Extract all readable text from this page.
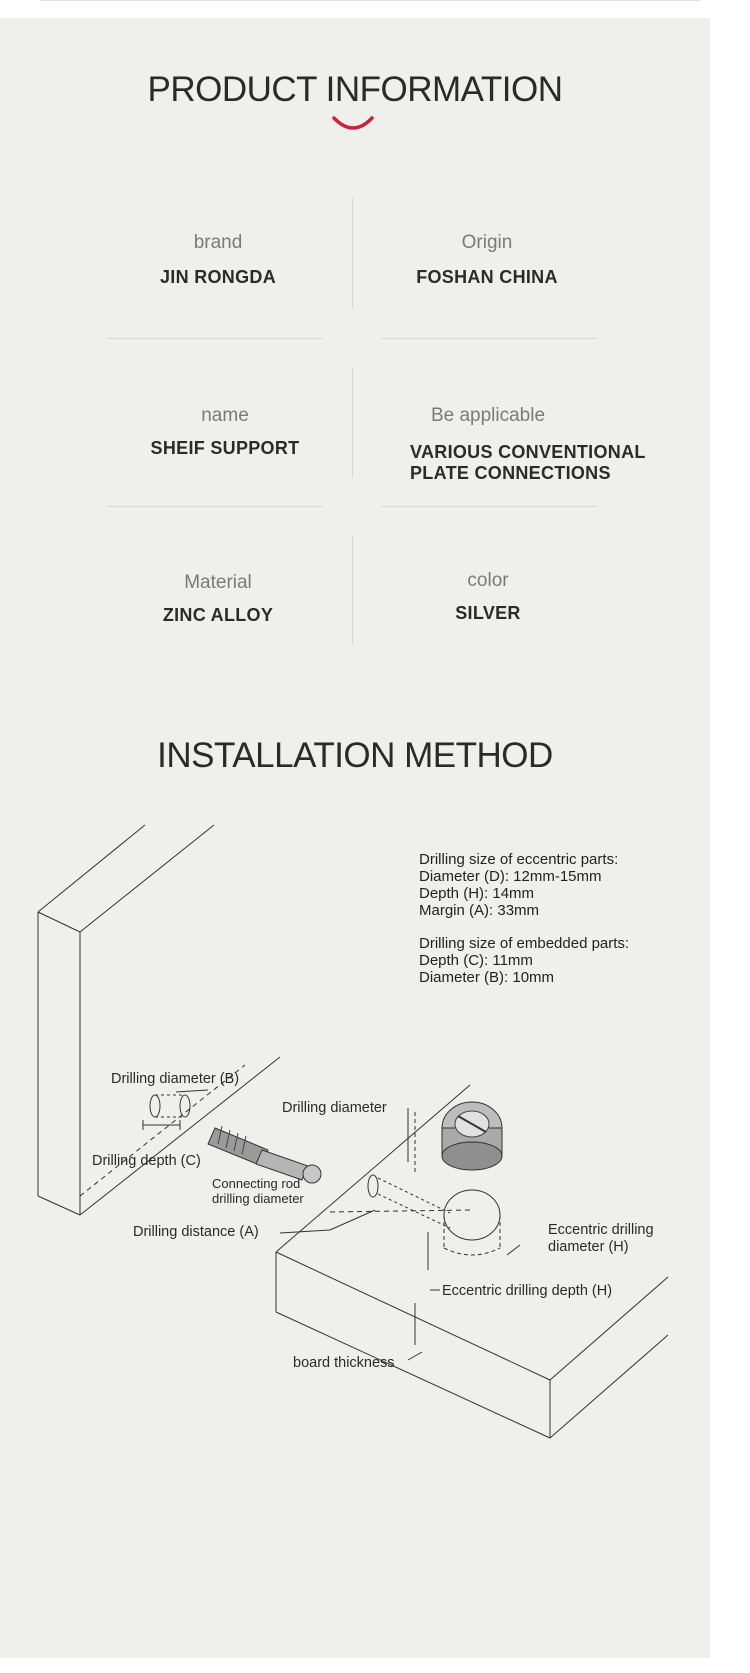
PRODUCT INFORMATION
brand
JIN RONGDA
Origin
FOSHAN CHINA
name
SHEIF SUPPORT
Be applicable
VARIOUS CONVENTIONAL
PLATE CONNECTIONS
Material
ZINC ALLOY
color
SILVER
INSTALLATION METHOD
Drilling size of eccentric parts:
Diameter (D): 12mm-15mm
Depth (H): 14mm
Margin (A): 33mm
Drilling size of embedded parts:
Depth (C): 11mm
Diameter (B): 10mm
Drilling diameter (B)
Drilling depth (C)
Drilling diameter
Connecting rod
drilling diameter
Drilling distance (A)	Eccentric drilling
diameter (H)
Eccentric drilling depth (H)
board thickness
